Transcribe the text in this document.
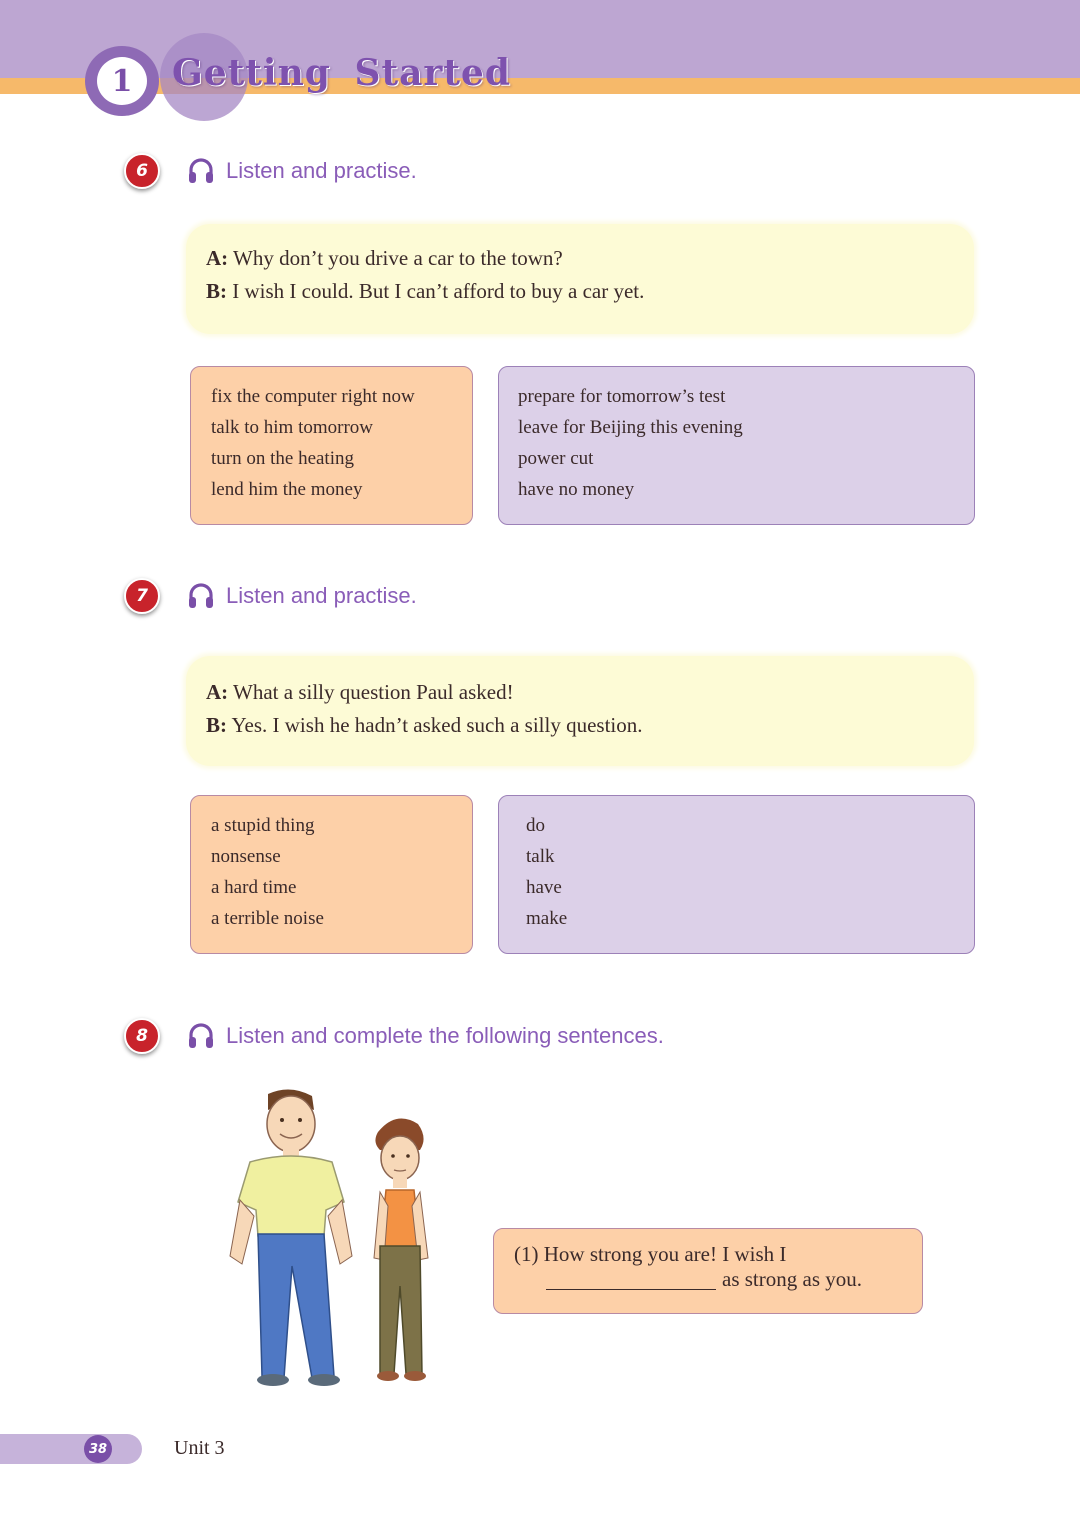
1	Getting Started
6	Listen and practise.
A: Why don’t you drive a car to the town?
B: I wish I could. But I can’t afford to buy a car yet.
fix the computer right now
talk to him tomorrow
turn on the heating
lend him the money
prepare for tomorrow’s test
leave for Beijing this evening
power cut
have no money
7	Listen and practise.
A: What a silly question Paul asked!
B: Yes. I wish he hadn’t asked such a silly question.
a stupid thing
nonsense
a hard time
a terrible noise
do
talk
have
make
8	Listen and complete the following sentences.
(1) How strong you are! I wish I
as strong as you.
38	Unit 3
